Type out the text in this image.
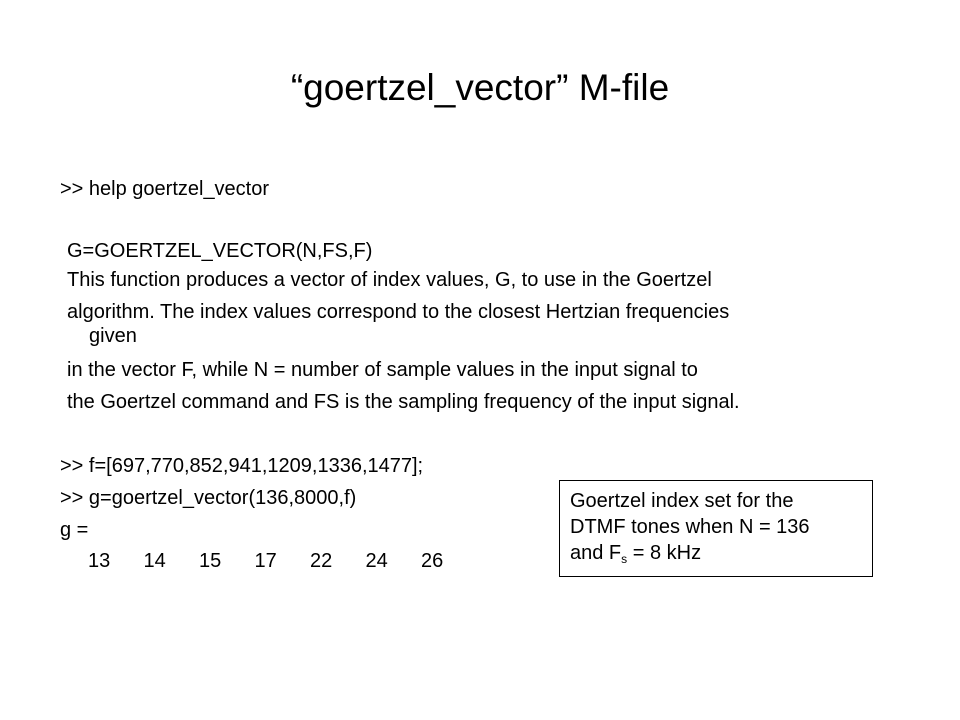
“goertzel_vector” M-file
>> help goertzel_vector
G=GOERTZEL_VECTOR(N,FS,F)
This function produces a vector of index values, G, to use in the Goertzel
algorithm. The index values correspond to the closest Hertzian frequencies
given
in the vector F, while N = number of sample values in the input signal to
the Goertzel command and FS is the sampling frequency of the input signal.
>> f=[697,770,852,941,1209,1336,1477];
>> g=goertzel_vector(136,8000,f)
g =
13	14	15	17	22	24	26
Goertzel index set for the
DTMF tones when N = 136
and $F_s = 8$ kHz
